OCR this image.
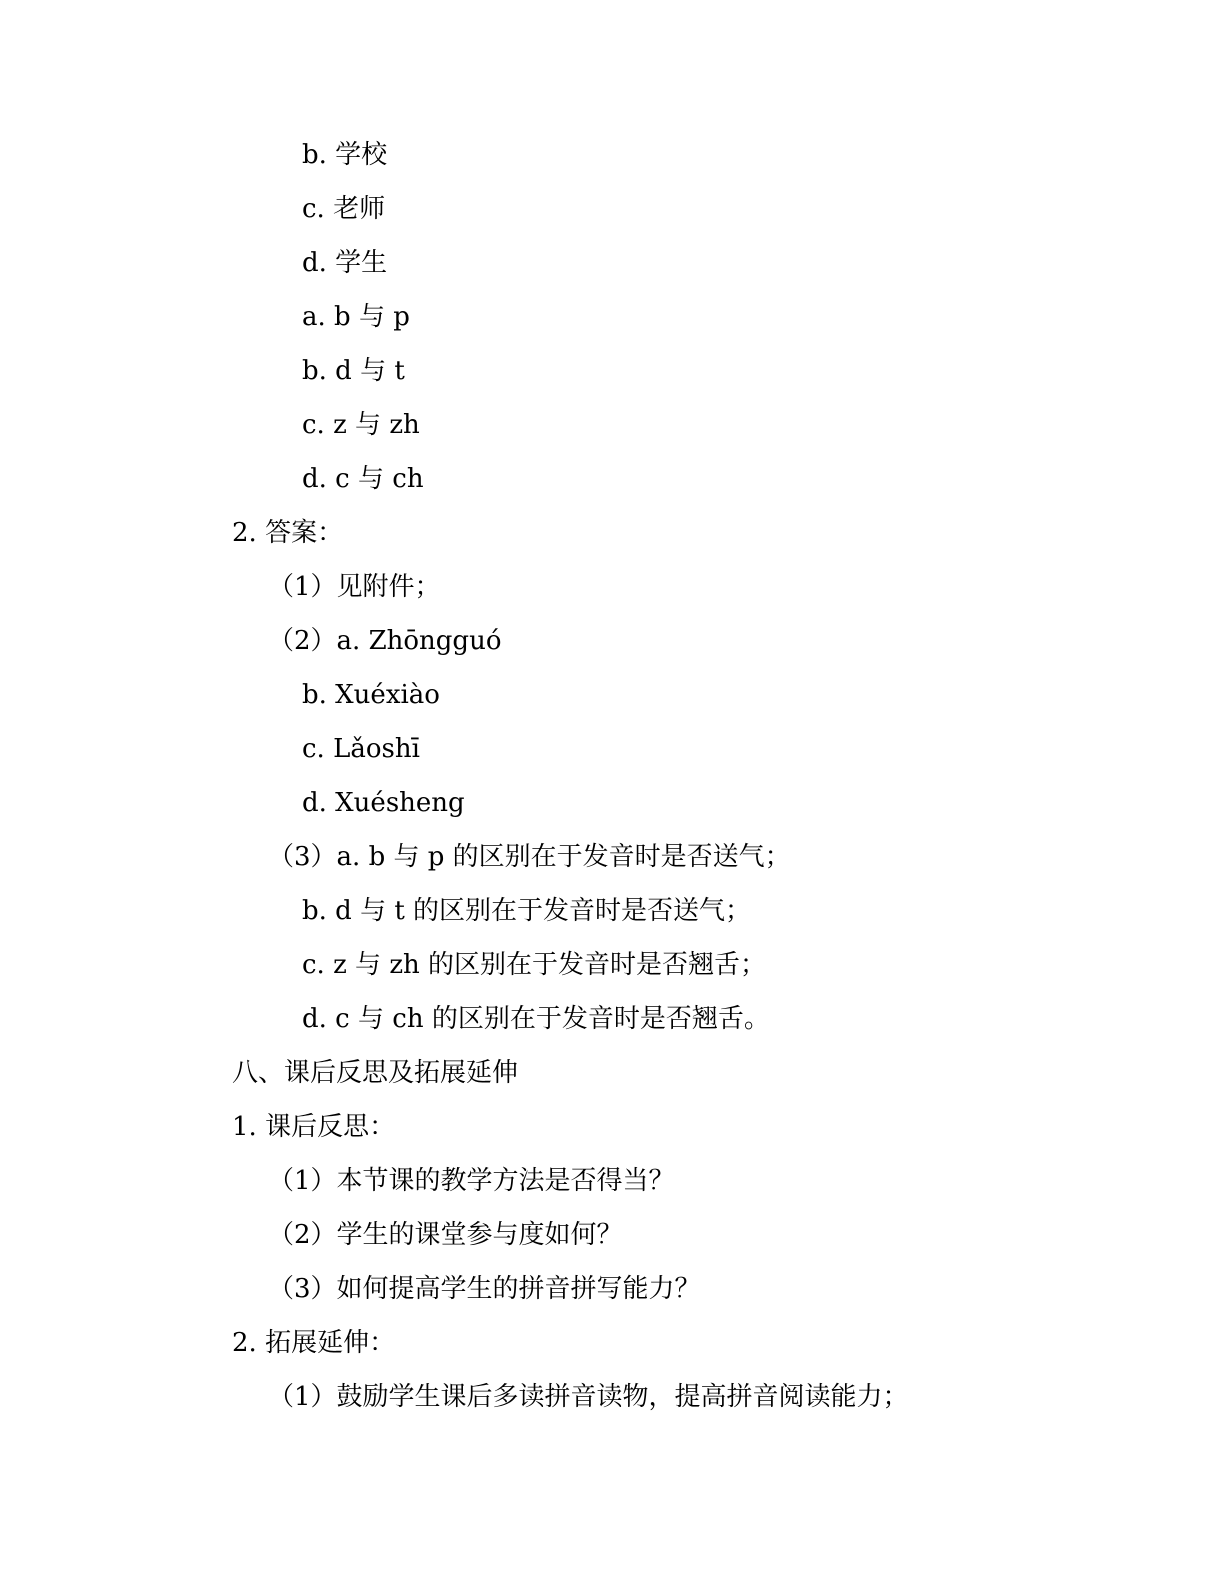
b. 学校
c. 老师
d. 学生
a. b 与 p
b. d 与 t
c. z 与 zh
d. c 与 ch
2. 答案：
（1）见附件；
（2）a. Zhōngguó
b. Xuéxiào
c. Lǎoshī
d. Xuésheng
（3）a. b 与 p 的区别在于发音时是否送气；
b. d 与 t 的区别在于发音时是否送气；
c. z 与 zh 的区别在于发音时是否翘舌；
d. c 与 ch 的区别在于发音时是否翘舌。
八、课后反思及拓展延伸
1. 课后反思：
（1）本节课的教学方法是否得当？
（2）学生的课堂参与度如何？
（3）如何提高学生的拼音拼写能力？
2. 拓展延伸：
（1）鼓励学生课后多读拼音读物，提高拼音阅读能力；
